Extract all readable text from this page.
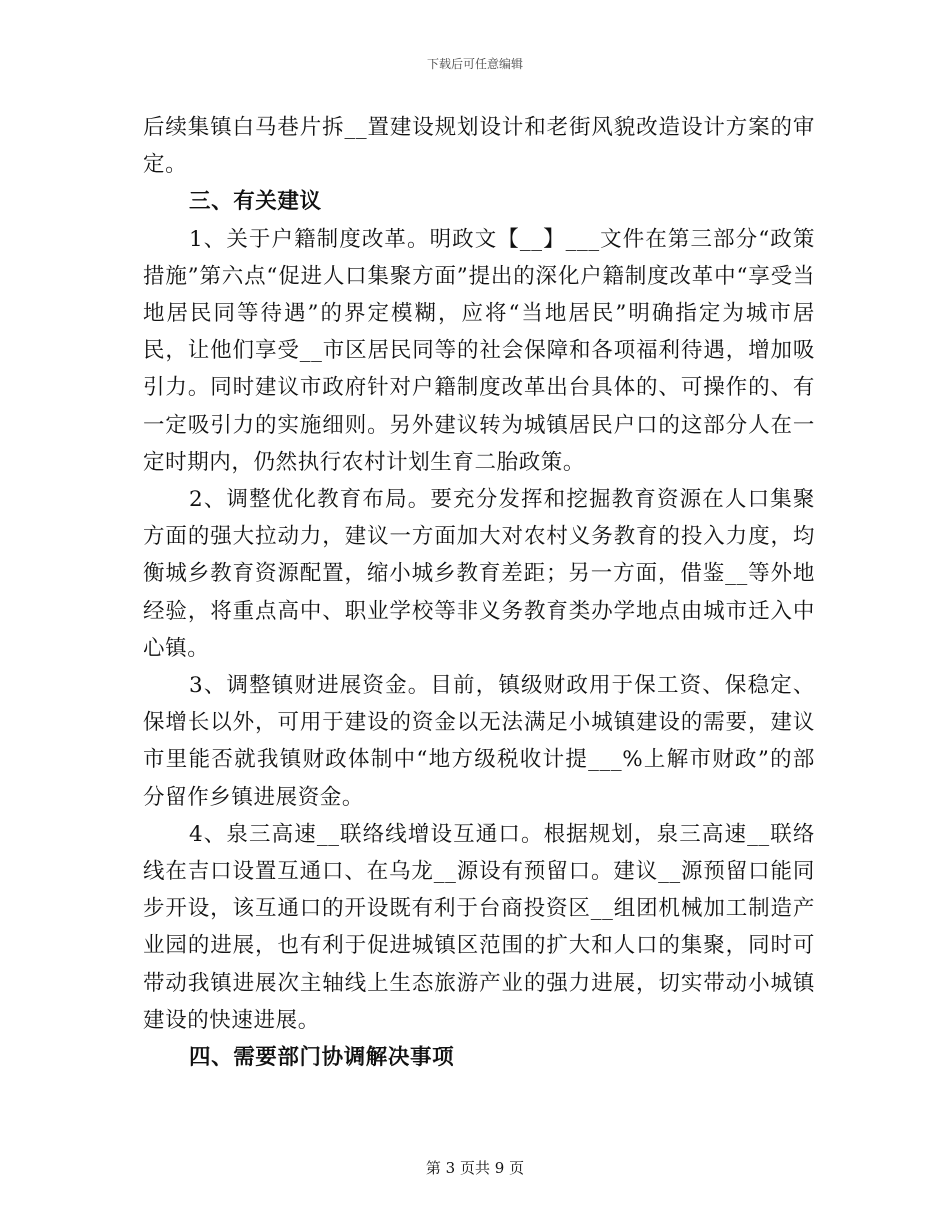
下载后可任意编辑

后续集镇白马巷片拆__置建设规划设计和老街风貌改造设计方案的审定。

三、有关建议

1、关于户籍制度改革。明政文【__】___文件在第三部分“政策措施”第六点“促进人口集聚方面”提出的深化户籍制度改革中“享受当地居民同等待遇”的界定模糊，应将“当地居民”明确指定为城市居民，让他们享受__市区居民同等的社会保障和各项福利待遇，增加吸引力。同时建议市政府针对户籍制度改革出台具体的、可操作的、有一定吸引力的实施细则。另外建议转为城镇居民户口的这部分人在一定时期内，仍然执行农村计划生育二胎政策。

2、调整优化教育布局。要充分发挥和挖掘教育资源在人口集聚方面的强大拉动力，建议一方面加大对农村义务教育的投入力度，均衡城乡教育资源配置，缩小城乡教育差距；另一方面，借鉴__等外地经验，将重点高中、职业学校等非义务教育类办学地点由城市迁入中心镇。

3、调整镇财进展资金。目前，镇级财政用于保工资、保稳定、保增长以外，可用于建设的资金以无法满足小城镇建设的需要，建议市里能否就我镇财政体制中“地方级税收计提___%上解市财政”的部分留作乡镇进展资金。

4、泉三高速__联络线增设互通口。根据规划，泉三高速__联络线在吉口设置互通口、在乌龙__源设有预留口。建议__源预留口能同步开设，该互通口的开设既有利于台商投资区__组团机械加工制造产业园的进展，也有利于促进城镇区范围的扩大和人口的集聚，同时可带动我镇进展次主轴线上生态旅游产业的强力进展，切实带动小城镇建设的快速进展。

四、需要部门协调解决事项

第 3 页共 9 页
